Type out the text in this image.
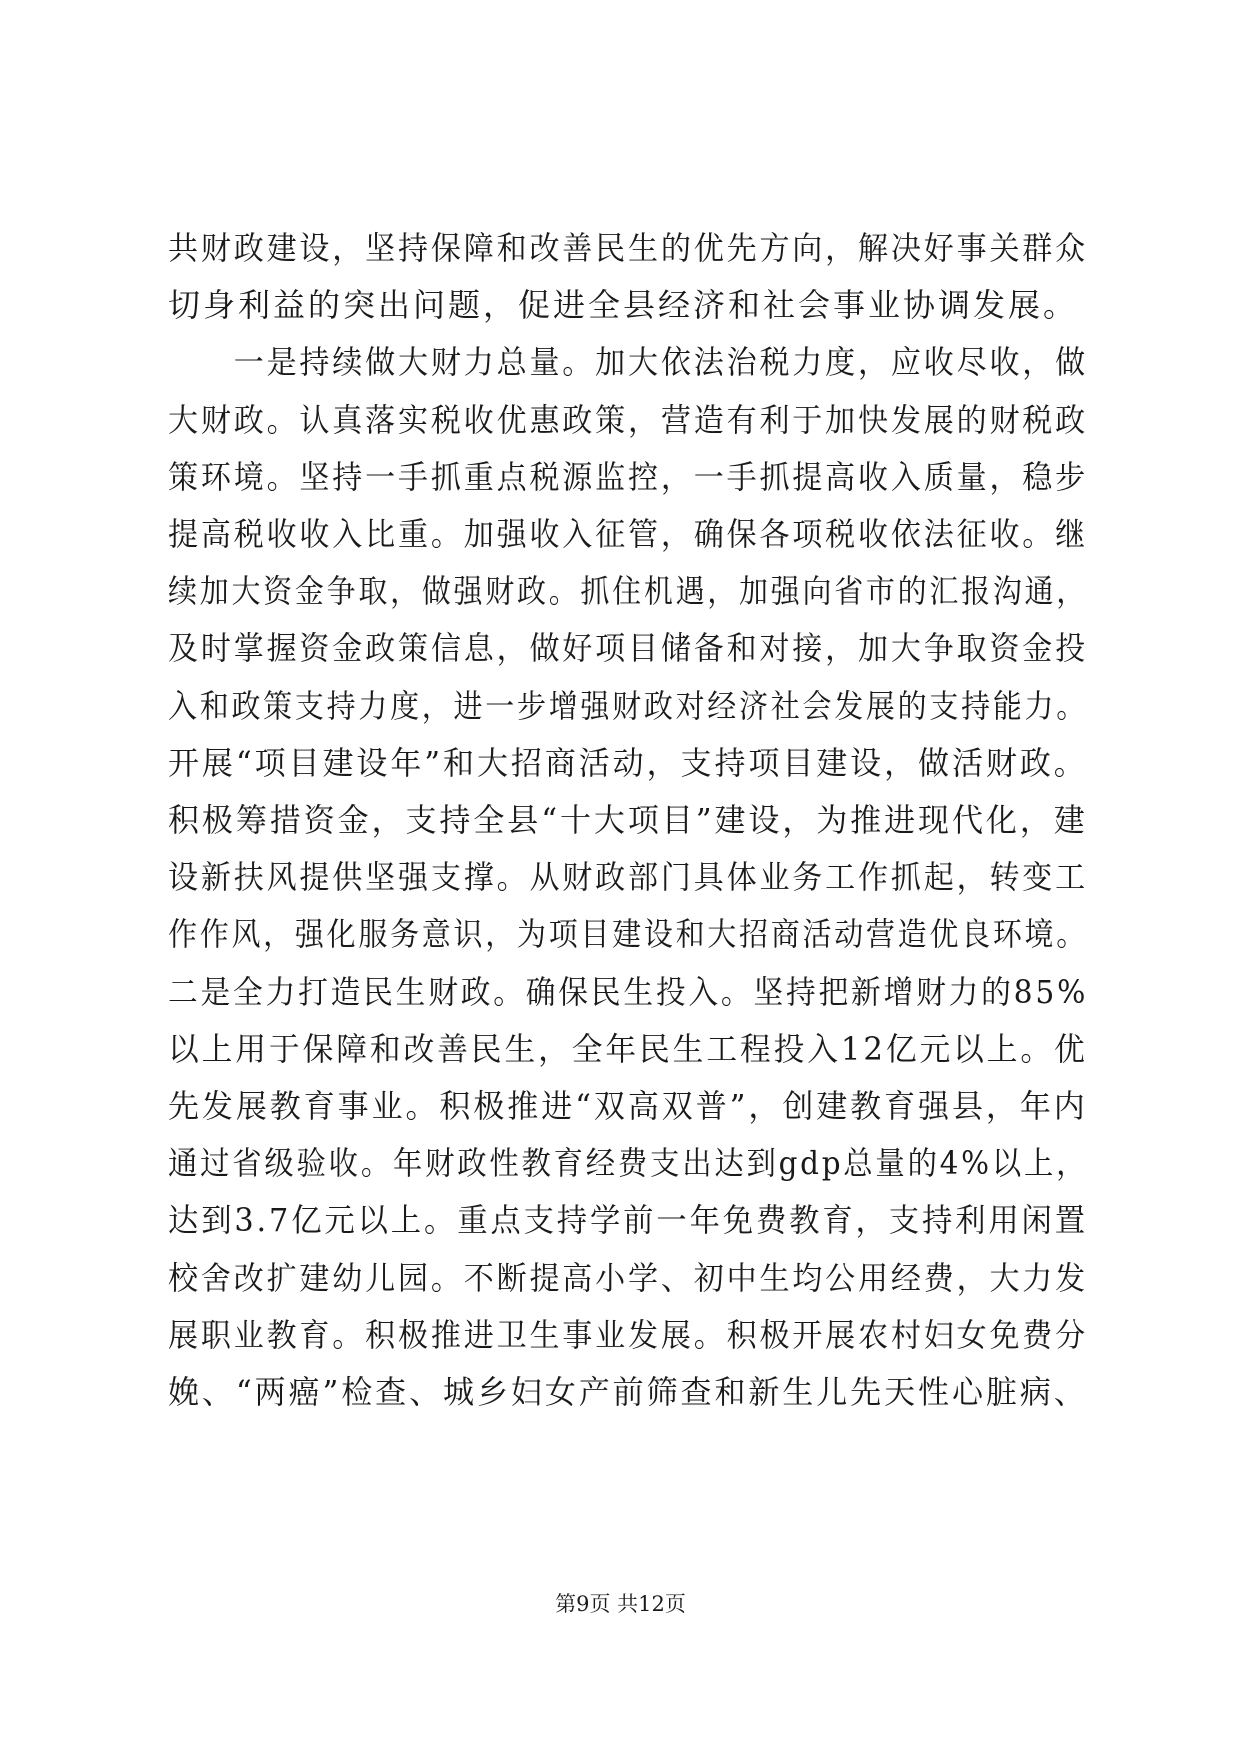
共财政建设，坚持保障和改善民生的优先方向，解决好事关群众
切身利益的突出问题，促进全县经济和社会事业协调发展。
　　一是持续做大财力总量。加大依法治税力度，应收尽收，做
大财政。认真落实税收优惠政策，营造有利于加快发展的财税政
策环境。坚持一手抓重点税源监控，一手抓提高收入质量，稳步
提高税收收入比重。加强收入征管，确保各项税收依法征收。继
续加大资金争取，做强财政。抓住机遇，加强向省市的汇报沟通，
及时掌握资金政策信息，做好项目储备和对接，加大争取资金投
入和政策支持力度，进一步增强财政对经济社会发展的支持能力。
开展“项目建设年”和大招商活动，支持项目建设，做活财政。
积极筹措资金，支持全县“十大项目”建设，为推进现代化，建
设新扶风提供坚强支撑。从财政部门具体业务工作抓起，转变工
作作风，强化服务意识，为项目建设和大招商活动营造优良环境。
二是全力打造民生财政。确保民生投入。坚持把新增财力的85%
以上用于保障和改善民生，全年民生工程投入12亿元以上。优
先发展教育事业。积极推进“双高双普”，创建教育强县，年内
通过省级验收。年财政性教育经费支出达到gdp总量的4%以上，
达到3.7亿元以上。重点支持学前一年免费教育，支持利用闲置
校舍改扩建幼儿园。不断提高小学、初中生均公用经费，大力发
展职业教育。积极推进卫生事业发展。积极开展农村妇女免费分
娩、“两癌”检查、城乡妇女产前筛查和新生儿先天性心脏病、
第9页 共12页
